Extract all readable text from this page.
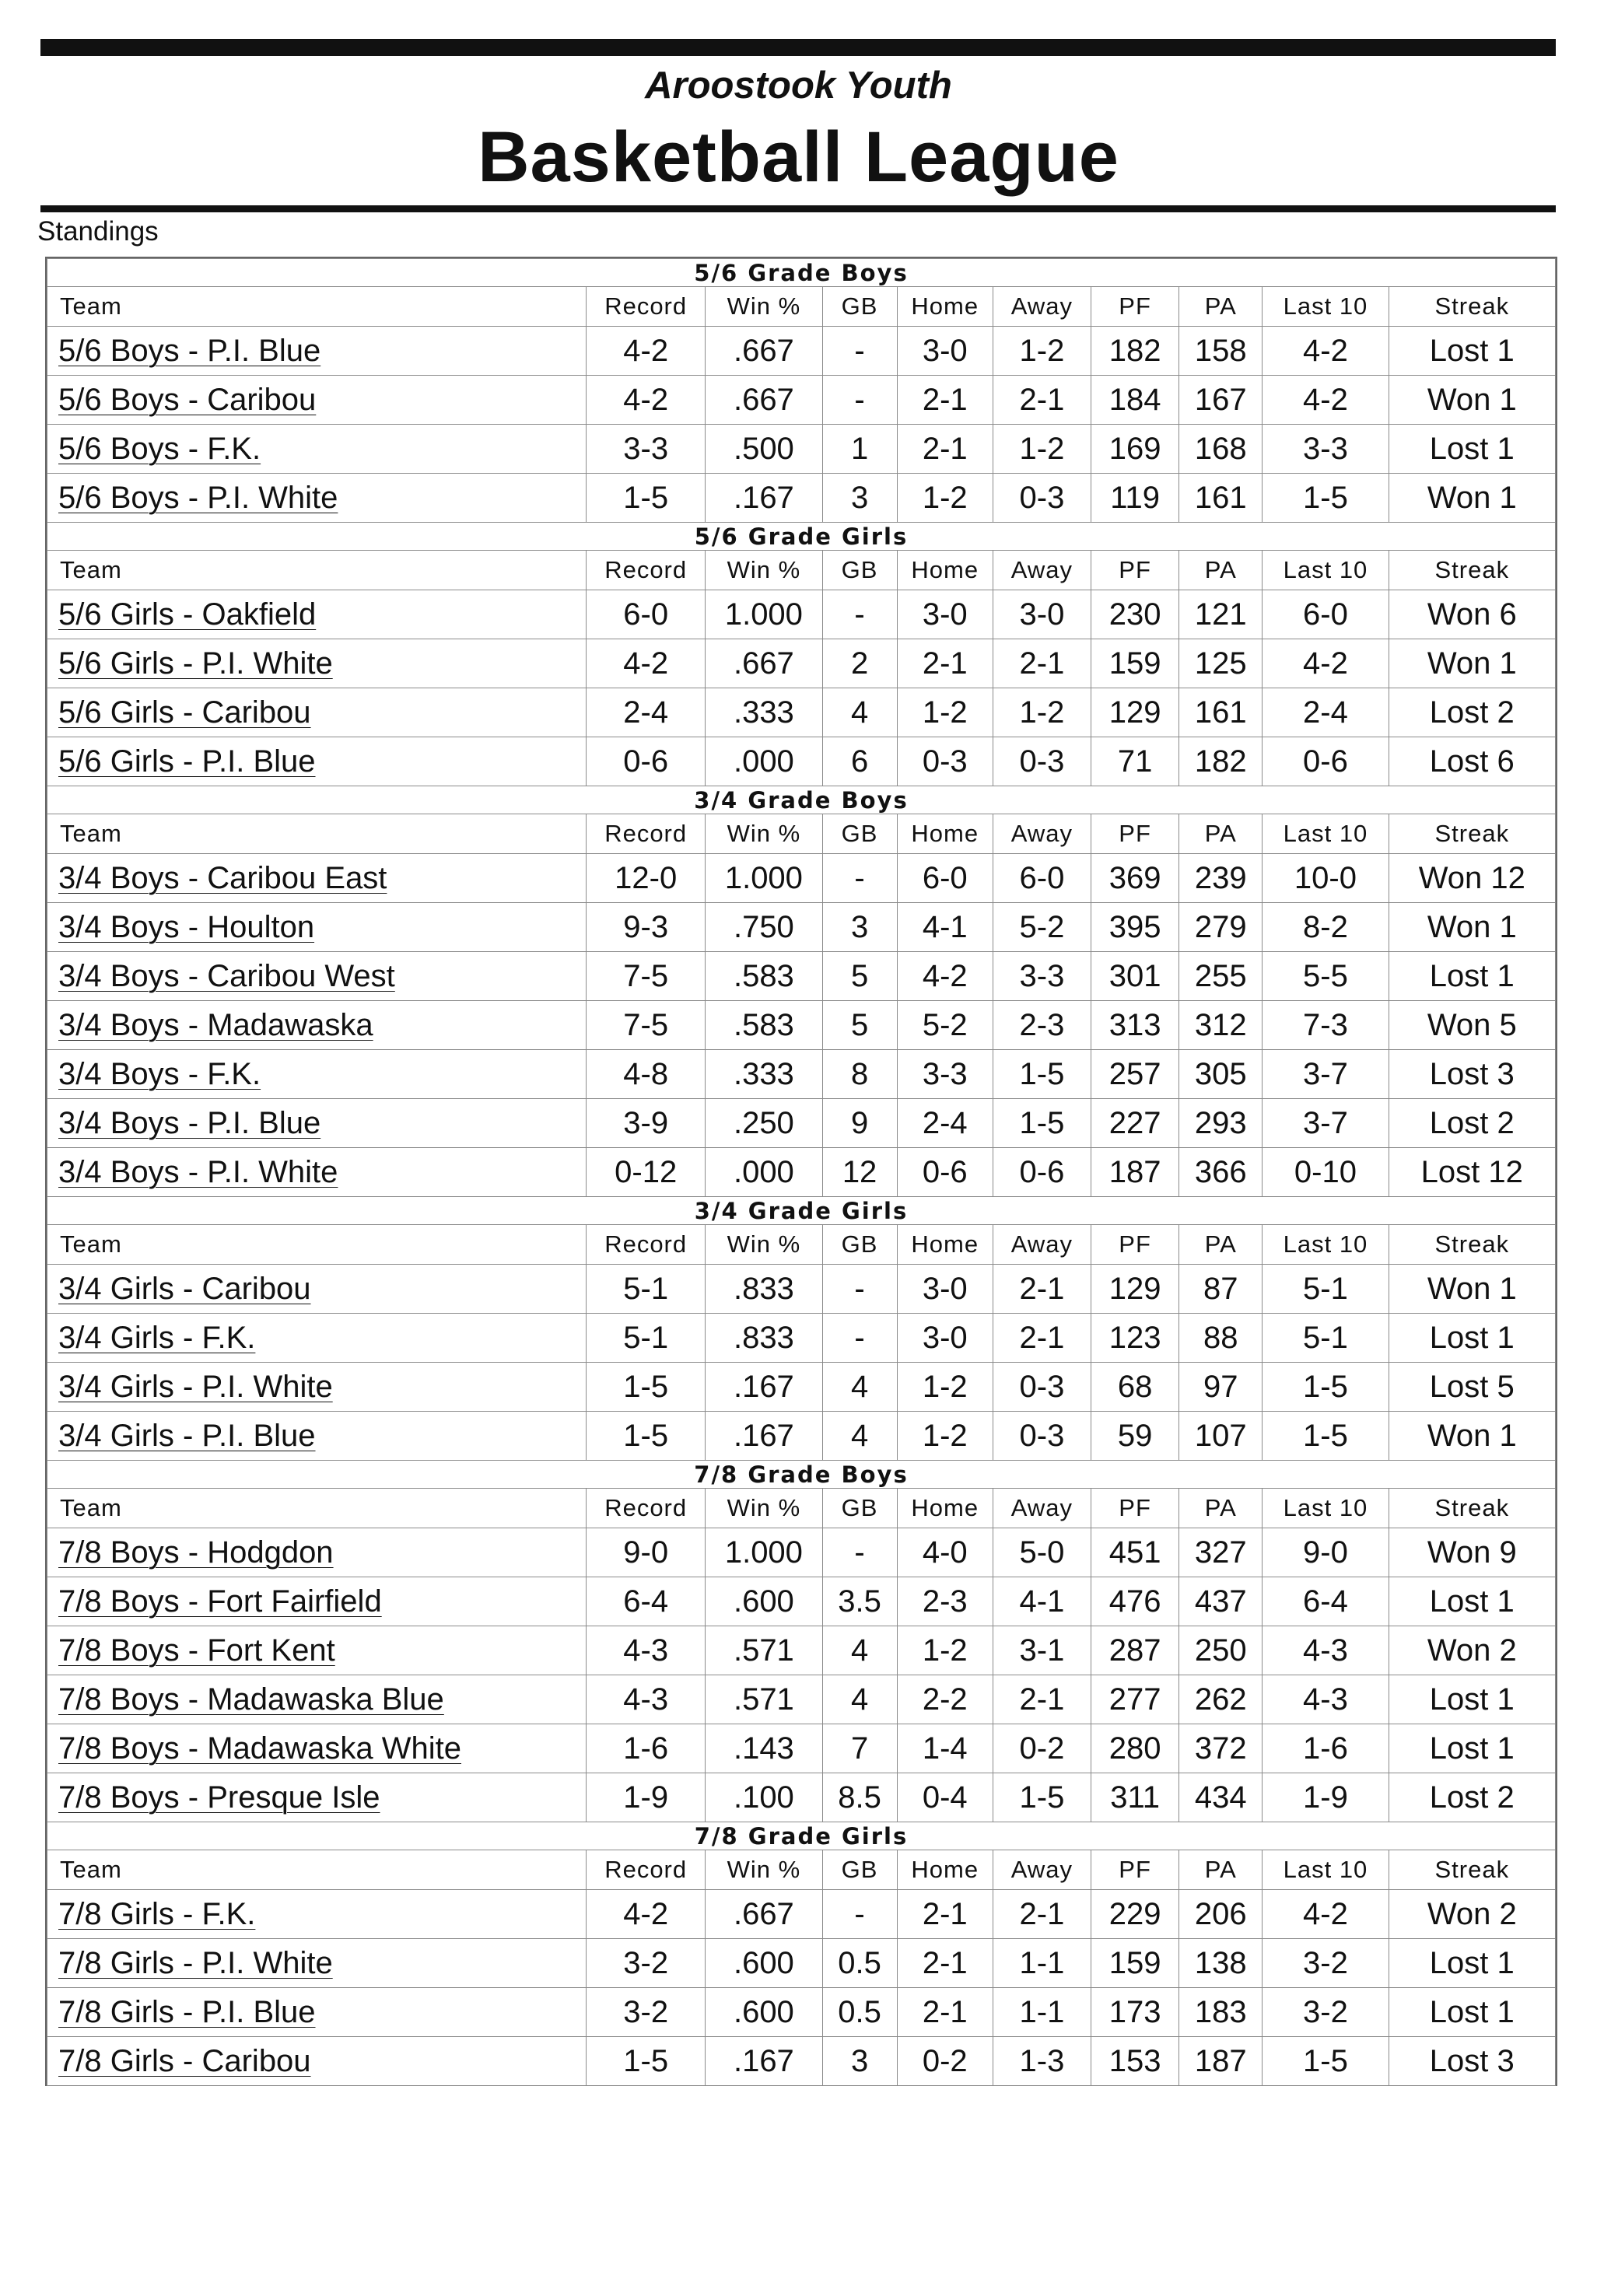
Aroostook Youth
Basketball League
Standings
5/6 Grade Boys									
Team	Record	Win %	GB	Home	Away	PF	PA	Last 10	Streak
5/6 Boys - P.I. Blue	4-2	.667	-	3-0	1-2	182	158	4-2	Lost 1
5/6 Boys - Caribou	4-2	.667	-	2-1	2-1	184	167	4-2	Won 1
5/6 Boys - F.K.	3-3	.500	1	2-1	1-2	169	168	3-3	Lost 1
5/6 Boys - P.I. White	1-5	.167	3	1-2	0-3	119	161	1-5	Won 1
5/6 Grade Girls									
Team	Record	Win %	GB	Home	Away	PF	PA	Last 10	Streak
5/6 Girls - Oakfield	6-0	1.000	-	3-0	3-0	230	121	6-0	Won 6
5/6 Girls - P.I. White	4-2	.667	2	2-1	2-1	159	125	4-2	Won 1
5/6 Girls - Caribou	2-4	.333	4	1-2	1-2	129	161	2-4	Lost 2
5/6 Girls - P.I. Blue	0-6	.000	6	0-3	0-3	71	182	0-6	Lost 6
3/4 Grade Boys									
Team	Record	Win %	GB	Home	Away	PF	PA	Last 10	Streak
3/4 Boys - Caribou East	12-0	1.000	-	6-0	6-0	369	239	10-0	Won 12
3/4 Boys - Houlton	9-3	.750	3	4-1	5-2	395	279	8-2	Won 1
3/4 Boys - Caribou West	7-5	.583	5	4-2	3-3	301	255	5-5	Lost 1
3/4 Boys - Madawaska	7-5	.583	5	5-2	2-3	313	312	7-3	Won 5
3/4 Boys - F.K.	4-8	.333	8	3-3	1-5	257	305	3-7	Lost 3
3/4 Boys - P.I. Blue	3-9	.250	9	2-4	1-5	227	293	3-7	Lost 2
3/4 Boys - P.I. White	0-12	.000	12	0-6	0-6	187	366	0-10	Lost 12
3/4 Grade Girls									
Team	Record	Win %	GB	Home	Away	PF	PA	Last 10	Streak
3/4 Girls - Caribou	5-1	.833	-	3-0	2-1	129	87	5-1	Won 1
3/4 Girls - F.K.	5-1	.833	-	3-0	2-1	123	88	5-1	Lost 1
3/4 Girls - P.I. White	1-5	.167	4	1-2	0-3	68	97	1-5	Lost 5
3/4 Girls - P.I. Blue	1-5	.167	4	1-2	0-3	59	107	1-5	Won 1
7/8 Grade Boys									
Team	Record	Win %	GB	Home	Away	PF	PA	Last 10	Streak
7/8 Boys - Hodgdon	9-0	1.000	-	4-0	5-0	451	327	9-0	Won 9
7/8 Boys - Fort Fairfield	6-4	.600	3.5	2-3	4-1	476	437	6-4	Lost 1
7/8 Boys - Fort Kent	4-3	.571	4	1-2	3-1	287	250	4-3	Won 2
7/8 Boys - Madawaska Blue	4-3	.571	4	2-2	2-1	277	262	4-3	Lost 1
7/8 Boys - Madawaska White	1-6	.143	7	1-4	0-2	280	372	1-6	Lost 1
7/8 Boys - Presque Isle	1-9	.100	8.5	0-4	1-5	311	434	1-9	Lost 2
7/8 Grade Girls									
Team	Record	Win %	GB	Home	Away	PF	PA	Last 10	Streak
7/8 Girls - F.K.	4-2	.667	-	2-1	2-1	229	206	4-2	Won 2
7/8 Girls - P.I. White	3-2	.600	0.5	2-1	1-1	159	138	3-2	Lost 1
7/8 Girls - P.I. Blue	3-2	.600	0.5	2-1	1-1	173	183	3-2	Lost 1
7/8 Girls - Caribou	1-5	.167	3	0-2	1-3	153	187	1-5	Lost 3
